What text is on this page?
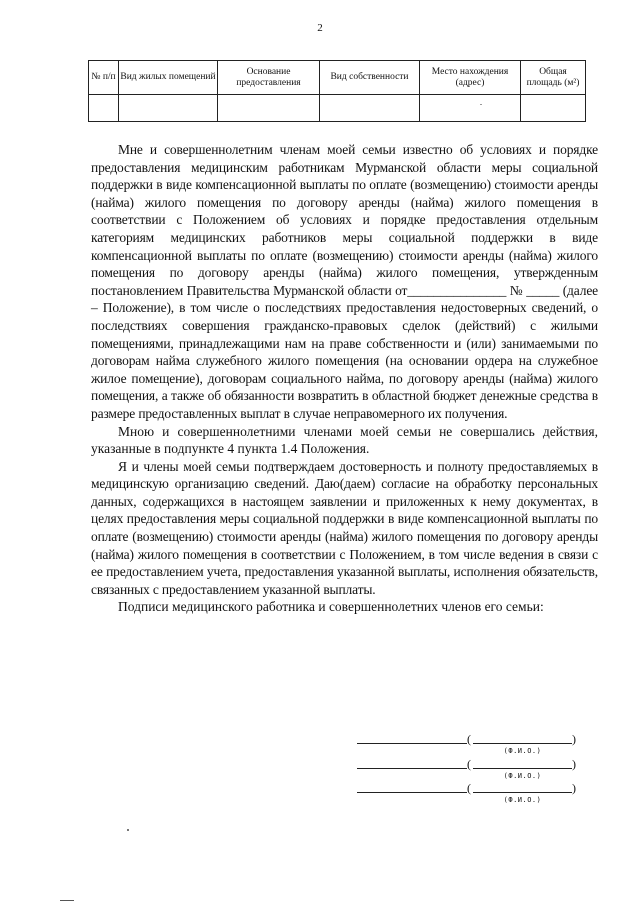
2
№ п/п	Вид жилых помещений	Основание предоставления	Вид собственности	Место нахождения (адрес)	Общая площадь (м²)

Мне и совершеннолетним членам моей семьи известно об условиях и порядке предоставления медицинским работникам Мурманской области меры социальной поддержки в виде компенсационной выплаты по оплате (возмещению) стоимости аренды (найма) жилого помещения по договору аренды (найма) жилого помещения в соответствии с Положением об условиях и порядке предоставления отдельным категориям медицинских работников меры социальной поддержки в виде компенсационной выплаты по оплате (возмещению) стоимости аренды (найма) жилого помещения по договору аренды (найма) жилого помещения, утвержденным постановлением Правительства Мурманской области от_______________ № _____ (далее – Положение), в том числе о последствиях предоставления недостоверных сведений, о последствиях совершения гражданско-правовых сделок (действий) с жилыми помещениями, принадлежащими нам на праве собственности и (или) занимаемыми по договорам найма служебного жилого помещения (на основании ордера на служебное жилое помещение), договорам социального найма, по договору аренды (найма) жилого помещения, а также об обязанности возвратить в областной бюджет денежные средства в размере предоставленных выплат в случае неправомерного их получения.

Мною и совершеннолетними членами моей семьи не совершались действия, указанные в подпункте 4 пункта 1.4 Положения.

Я и члены моей семьи подтверждаем достоверность и полноту предоставляемых в медицинскую организацию сведений. Даю(даем) согласие на обработку персональных данных, содержащихся в настоящем заявлении и приложенных к нему документах, в целях предоставления меры социальной поддержки в виде компенсационной выплаты по оплате (возмещению) стоимости аренды (найма) жилого помещения по договору аренды (найма) жилого помещения в соответствии с Положением, в том числе ведения в связи с ее предоставлением учета, предоставления указанной выплаты, исполнения обязательств, связанных с предоставлением указанной выплаты.

Подписи медицинского работника и совершеннолетних членов его семьи:

(	)
(Ф.И.О.)
(	)
(Ф.И.О.)
(	)
(Ф.И.О.)
